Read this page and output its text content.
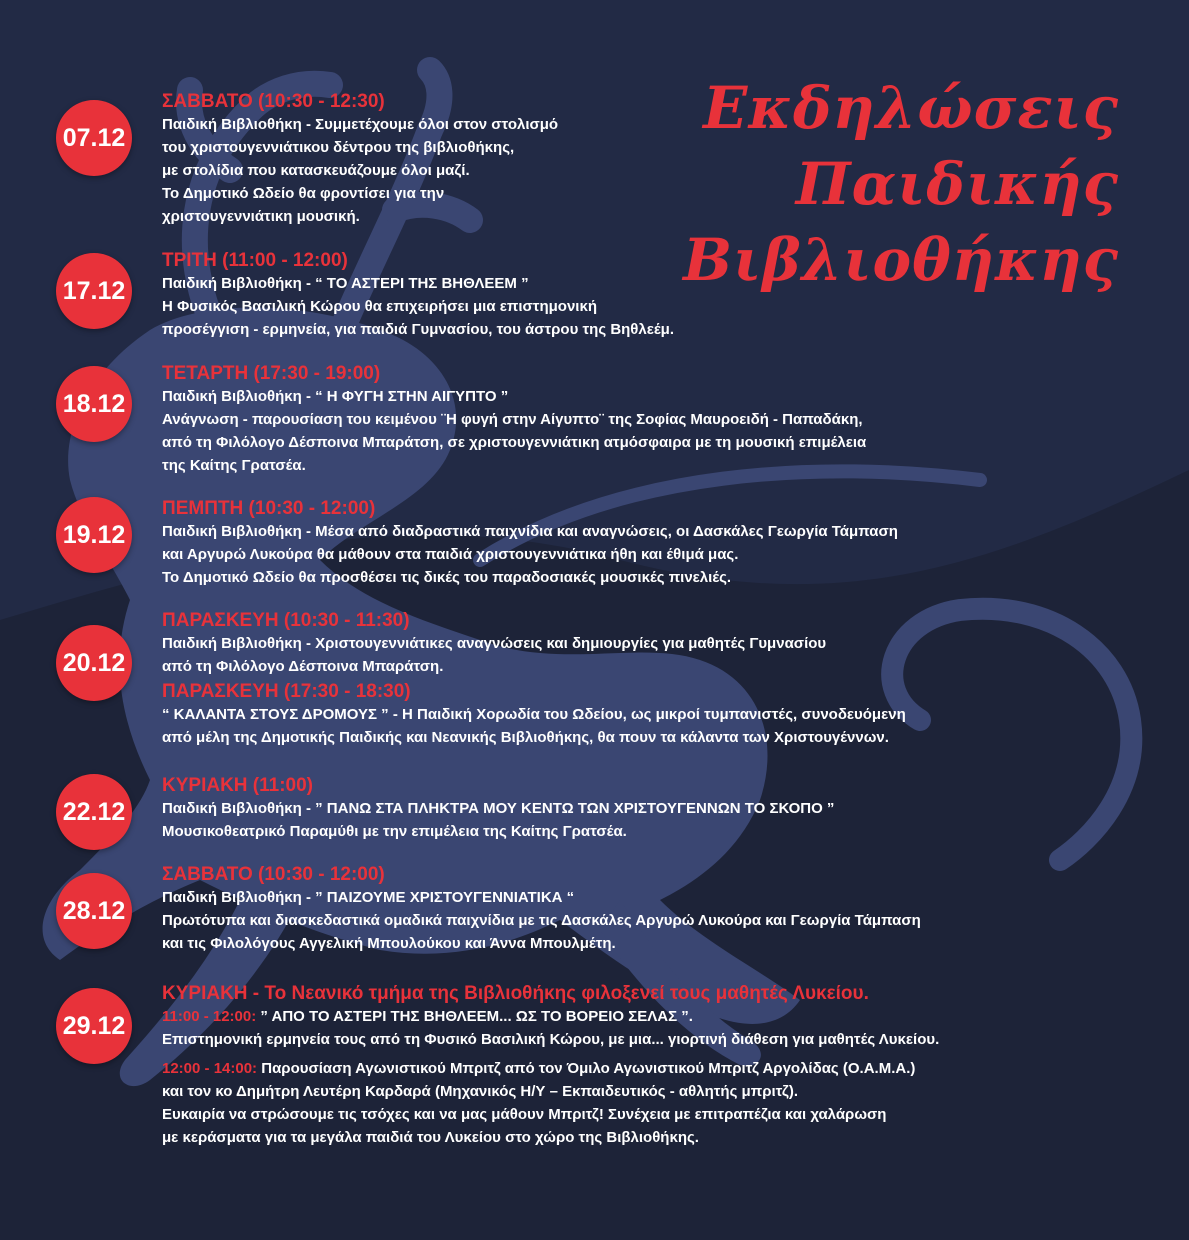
Εκδηλώσεις
Παιδικής
Βιβλιοθήκης
07.12
ΣΑΒΒΑΤΟ (10:30 - 12:30)
Παιδική Βιβλιοθήκη - Συμμετέχουμε όλοι στον στολισμό
του χριστουγεννιάτικου δέντρου της βιβλιοθήκης,
με στολίδια που κατασκευάζουμε όλοι μαζί.
Το Δημοτικό Ωδείο θα φροντίσει για την
χριστουγεννιάτικη μουσική.
17.12
ΤΡΙΤΗ (11:00 - 12:00)
Παιδική Βιβλιοθήκη - “ ΤΟ ΑΣΤΕΡΙ ΤΗΣ ΒΗΘΛΕΕΜ ”
Η Φυσικός Βασιλική Κώρου θα επιχειρήσει μια επιστημονική
προσέγγιση - ερμηνεία, για παιδιά Γυμνασίου, του άστρου της Βηθλεέμ.
18.12
ΤΕΤΑΡΤΗ (17:30 - 19:00)
Παιδική Βιβλιοθήκη - “ Η ΦΥΓΗ ΣΤΗΝ ΑΙΓΥΠΤΟ ”
Ανάγνωση - παρουσίαση του κειμένου ¨Η φυγή στην Αίγυπτο¨ της Σοφίας Μαυροειδή - Παπαδάκη,
από τη Φιλόλογο Δέσποινα Μπαράτση, σε χριστουγεννιάτικη ατμόσφαιρα με τη μουσική επιμέλεια
της Καίτης Γρατσέα.
19.12
ΠΕΜΠΤΗ (10:30 - 12:00)
Παιδική Βιβλιοθήκη - Μέσα από διαδραστικά παιχνίδια και αναγνώσεις, οι Δασκάλες Γεωργία Τάμπαση
και Αργυρώ Λυκούρα θα μάθουν στα παιδιά χριστουγεννιάτικα ήθη και έθιμά μας.
Το Δημοτικό Ωδείο θα προσθέσει τις δικές του παραδοσιακές μουσικές πινελιές.
20.12
ΠΑΡΑΣΚΕΥΗ (10:30 - 11:30)
Παιδική Βιβλιοθήκη - Χριστουγεννιάτικες αναγνώσεις και δημιουργίες για μαθητές Γυμνασίου
από τη Φιλόλογο Δέσποινα Μπαράτση.
ΠΑΡΑΣΚΕΥΗ (17:30 - 18:30)
“ ΚΑΛΑΝΤΑ ΣΤΟΥΣ ΔΡΟΜΟΥΣ ” - Η Παιδική Χορωδία του Ωδείου, ως μικροί τυμπανιστές, συνοδευόμενη
από μέλη της Δημοτικής Παιδικής και Νεανικής Βιβλιοθήκης, θα πουν τα κάλαντα των Χριστουγέννων.
22.12
ΚΥΡΙΑΚΗ (11:00)
Παιδική Βιβλιοθήκη - ” ΠΑΝΩ ΣΤΑ ΠΛΗΚΤΡΑ ΜΟΥ ΚΕΝΤΩ ΤΩΝ ΧΡΙΣΤΟΥΓΕΝΝΩΝ ΤΟ ΣΚΟΠΟ ”
Μουσικοθεατρικό Παραμύθι με την επιμέλεια της Καίτης Γρατσέα.
28.12
ΣΑΒΒΑΤΟ (10:30 - 12:00)
Παιδική Βιβλιοθήκη - ” ΠΑΙΖΟΥΜΕ ΧΡΙΣΤΟΥΓΕΝΝΙΑΤΙΚΑ “
Πρωτότυπα και διασκεδαστικά ομαδικά παιχνίδια με τις Δασκάλες Αργυρώ Λυκούρα και Γεωργία Τάμπαση
και τις Φιλολόγους Αγγελική Μπουλούκου και Άννα Μπουλμέτη.
29.12
ΚΥΡΙΑΚΗ - Το Νεανικό τμήμα της Βιβλιοθήκης φιλοξενεί τους μαθητές Λυκείου.
11:00 - 12:00: ” ΑΠΟ ΤΟ ΑΣΤΕΡΙ ΤΗΣ ΒΗΘΛΕΕΜ... ΩΣ ΤΟ ΒΟΡΕΙΟ ΣΕΛΑΣ ”.
Επιστημονική ερμηνεία τους από τη Φυσικό Βασιλική Κώρου, με μια... γιορτινή διάθεση για μαθητές Λυκείου.
12:00 - 14:00: Παρουσίαση Αγωνιστικού Μπριτζ από τον Όμιλο Αγωνιστικού Μπριτζ Αργολίδας (Ο.Α.Μ.Α.)
και τον κο Δημήτρη Λευτέρη Καρδαρά (Μηχανικός Η/Υ – Εκπαιδευτικός - αθλητής μπριτζ).
Ευκαιρία να στρώσουμε τις τσόχες και να μας μάθουν Μπριτζ! Συνέχεια με επιτραπέζια και χαλάρωση
με κεράσματα για τα μεγάλα παιδιά του Λυκείου στο χώρο της Βιβλιοθήκης.
